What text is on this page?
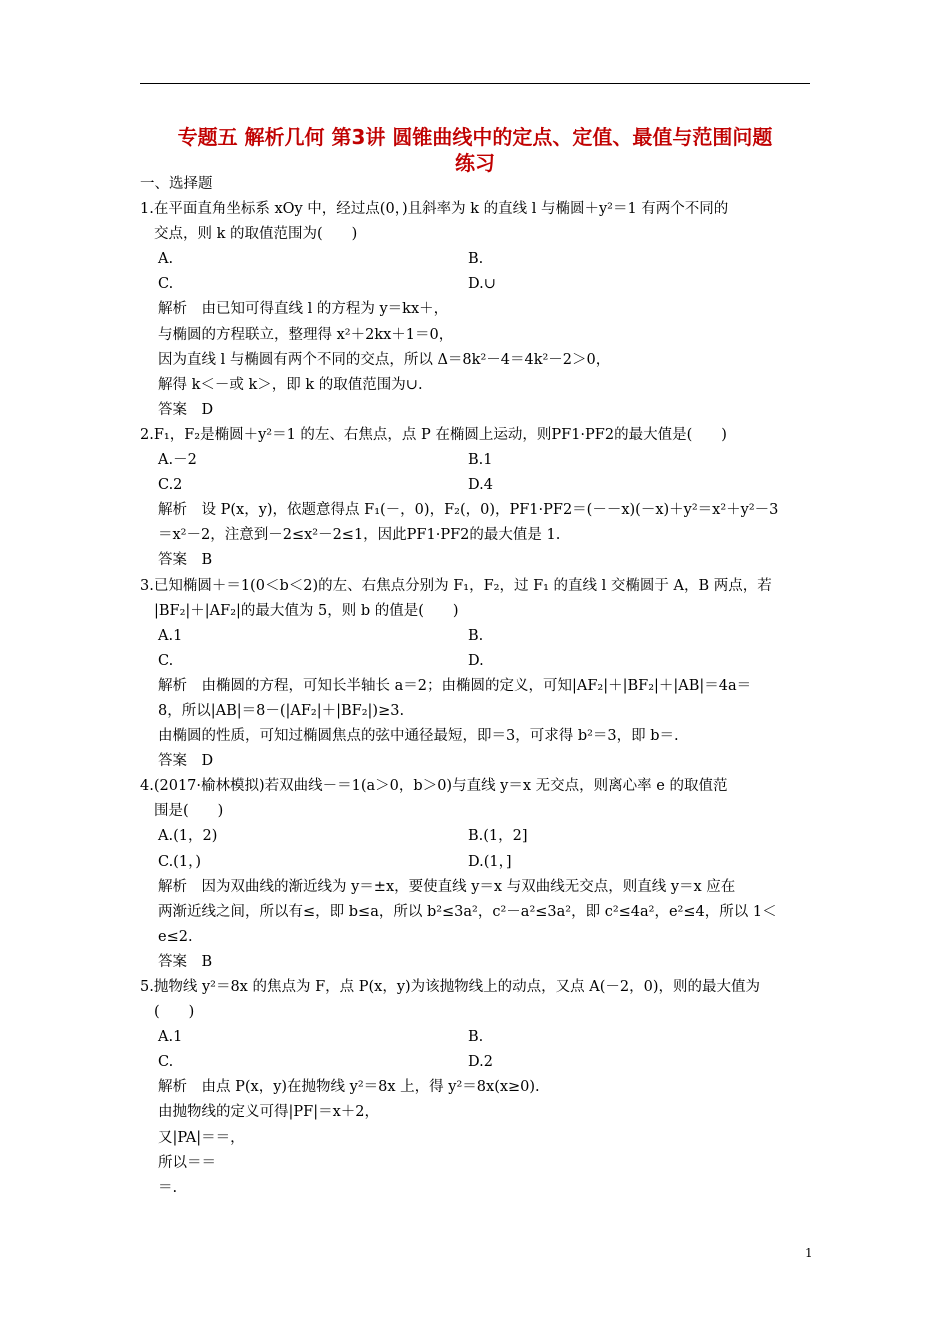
专题五 解析几何 第3讲 圆锥曲线中的定点、定值、最值与范围问题
练习

一、选择题

1.在平面直角坐标系 xOy 中，经过点(0，)且斜率为 k 的直线 l 与椭圆＋y²＝1 有两个不同的

交点，则 k 的取值范围为(　　)

A.	B.
C.	D.∪

解析　由已知可得直线 l 的方程为 y＝kx＋，

与椭圆的方程联立，整理得 x²＋2kx＋1＝0，

因为直线 l 与椭圆有两个不同的交点，所以 Δ＝8k²－4＝4k²－2＞0，

解得 k＜－或 k＞，即 k 的取值范围为∪.

答案　D

2.F₁，F₂是椭圆＋y²＝1 的左、右焦点，点 P 在椭圆上运动，则PF1·PF2的最大值是(　　)

A.－2	B.1
C.2	D.4

解析　设 P(x，y)，依题意得点 F₁(－，0)，F₂(，0)，PF1·PF2＝(－－x)(－x)＋y²＝x²＋y²－3

＝x²－2，注意到－2≤x²－2≤1，因此PF1·PF2的最大值是 1.

答案　B

3.已知椭圆＋＝1(0＜b＜2)的左、右焦点分别为 F₁，F₂，过 F₁ 的直线 l 交椭圆于 A，B 两点，若

|BF₂|＋|AF₂|的最大值为 5，则 b 的值是(　　)

A.1	B.
C.	D.

解析　由椭圆的方程，可知长半轴长 a＝2；由椭圆的定义，可知|AF₂|＋|BF₂|＋|AB|＝4a＝

8，所以|AB|＝8－(|AF₂|＋|BF₂|)≥3.

由椭圆的性质，可知过椭圆焦点的弦中通径最短，即＝3，可求得 b²＝3，即 b＝.

答案　D

4.(2017·榆林模拟)若双曲线－＝1(a＞0，b＞0)与直线 y＝x 无交点，则离心率 e 的取值范

围是(　　)

A.(1，2)	B.(1，2]
C.(1，)	D.(1，]

解析　因为双曲线的渐近线为 y＝±x，要使直线 y＝x 与双曲线无交点，则直线 y＝x 应在

两渐近线之间，所以有≤，即 b≤a，所以 b²≤3a²，c²－a²≤3a²，即 c²≤4a²，e²≤4，所以 1＜

e≤2.

答案　B

5.抛物线 y²＝8x 的焦点为 F，点 P(x，y)为该抛物线上的动点，又点 A(－2，0)，则的最大值为

(　　)

A.1	B.
C.	D.2

解析　由点 P(x，y)在抛物线 y²＝8x 上，得 y²＝8x(x≥0).

由抛物线的定义可得|PF|＝x＋2，

又|PA|＝＝，

所以＝＝

＝.

1
